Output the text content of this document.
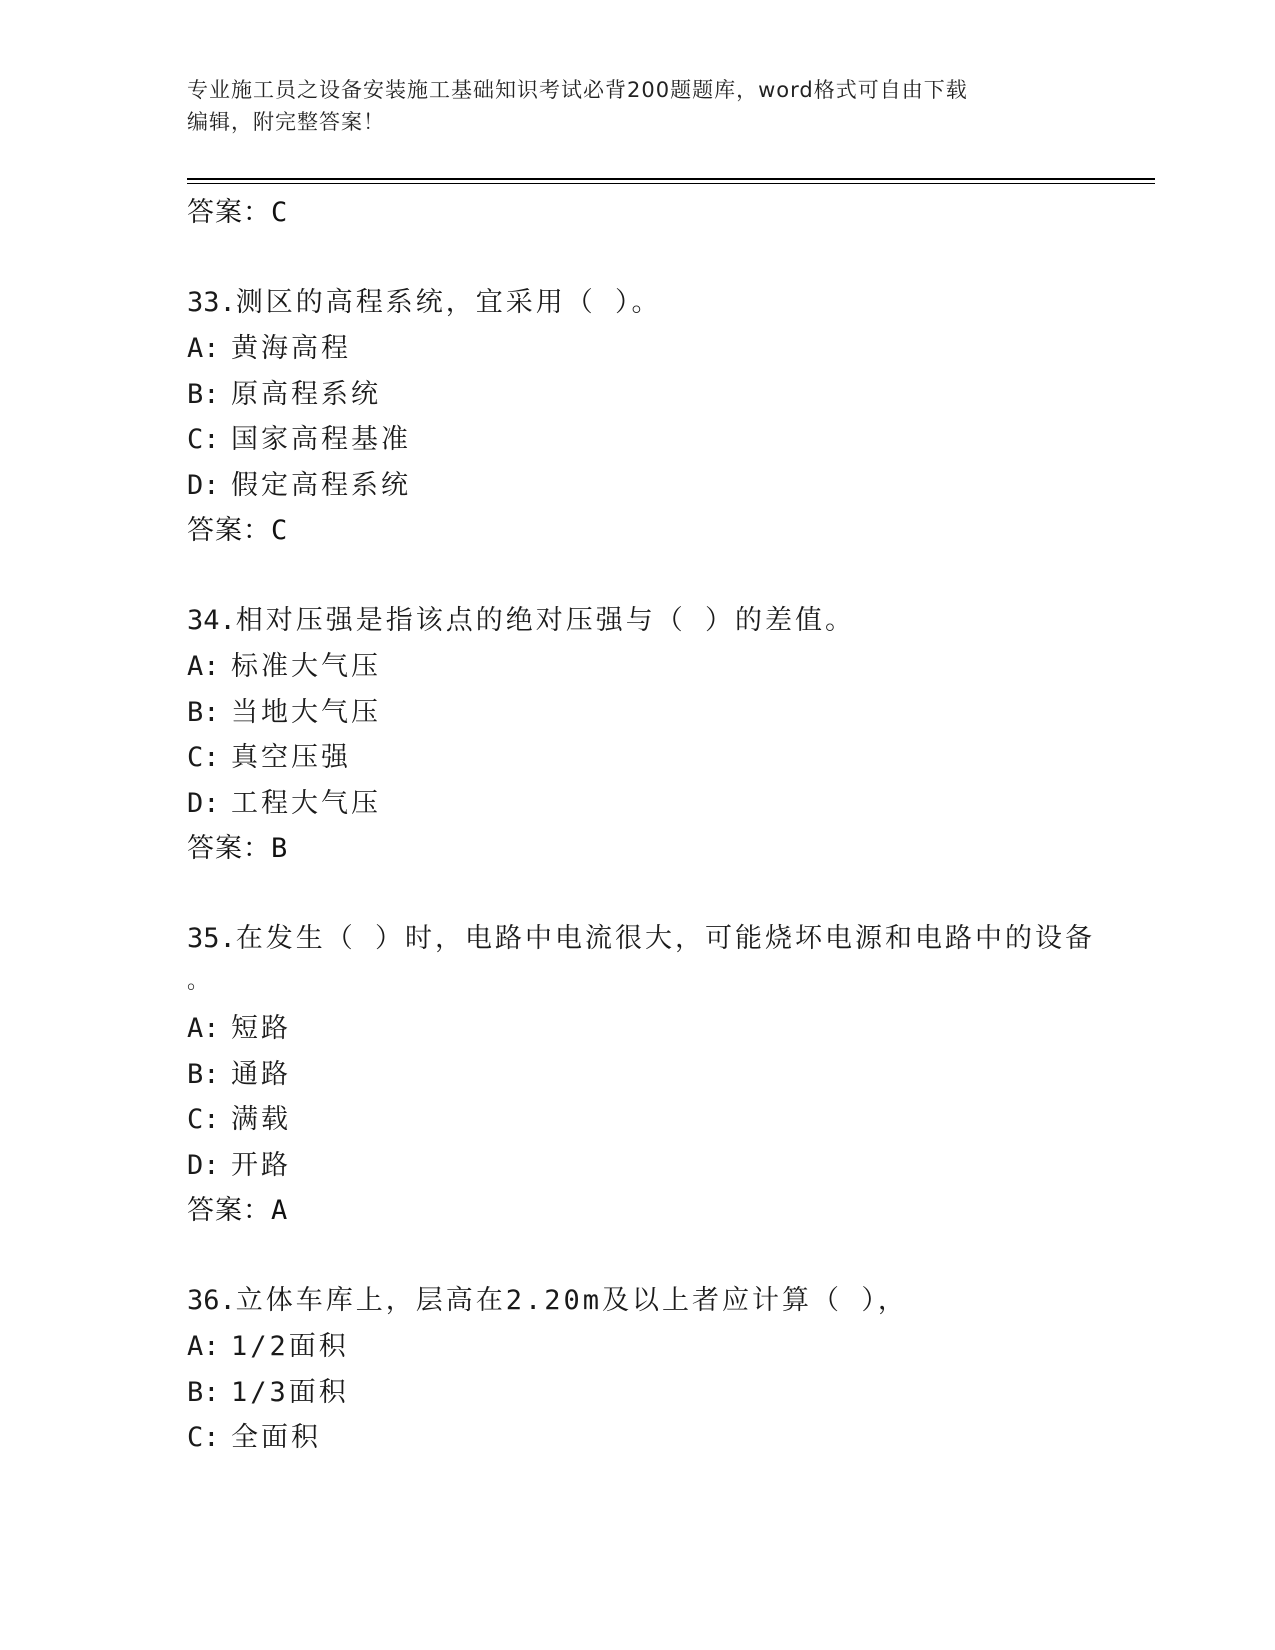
专业施工员之设备安装施工基础知识考试必背200题题库，word格式可自由下载
编辑，附完整答案！
答案：C
33.测区的高程系统，宜采用（ ）。
A: 黄海高程
B: 原高程系统
C: 国家高程基准
D: 假定高程系统
答案：C
34.相对压强是指该点的绝对压强与（ ）的差值。
A: 标准大气压
B: 当地大气压
C: 真空压强
D: 工程大气压
答案：B
35.在发生（ ）时，电路中电流很大，可能烧坏电源和电路中的设备
。
A: 短路
B: 通路
C: 满载
D: 开路
答案：A
36.立体车库上，层高在2.20m及以上者应计算（ ），
A: 1/2面积
B: 1/3面积
C: 全面积
